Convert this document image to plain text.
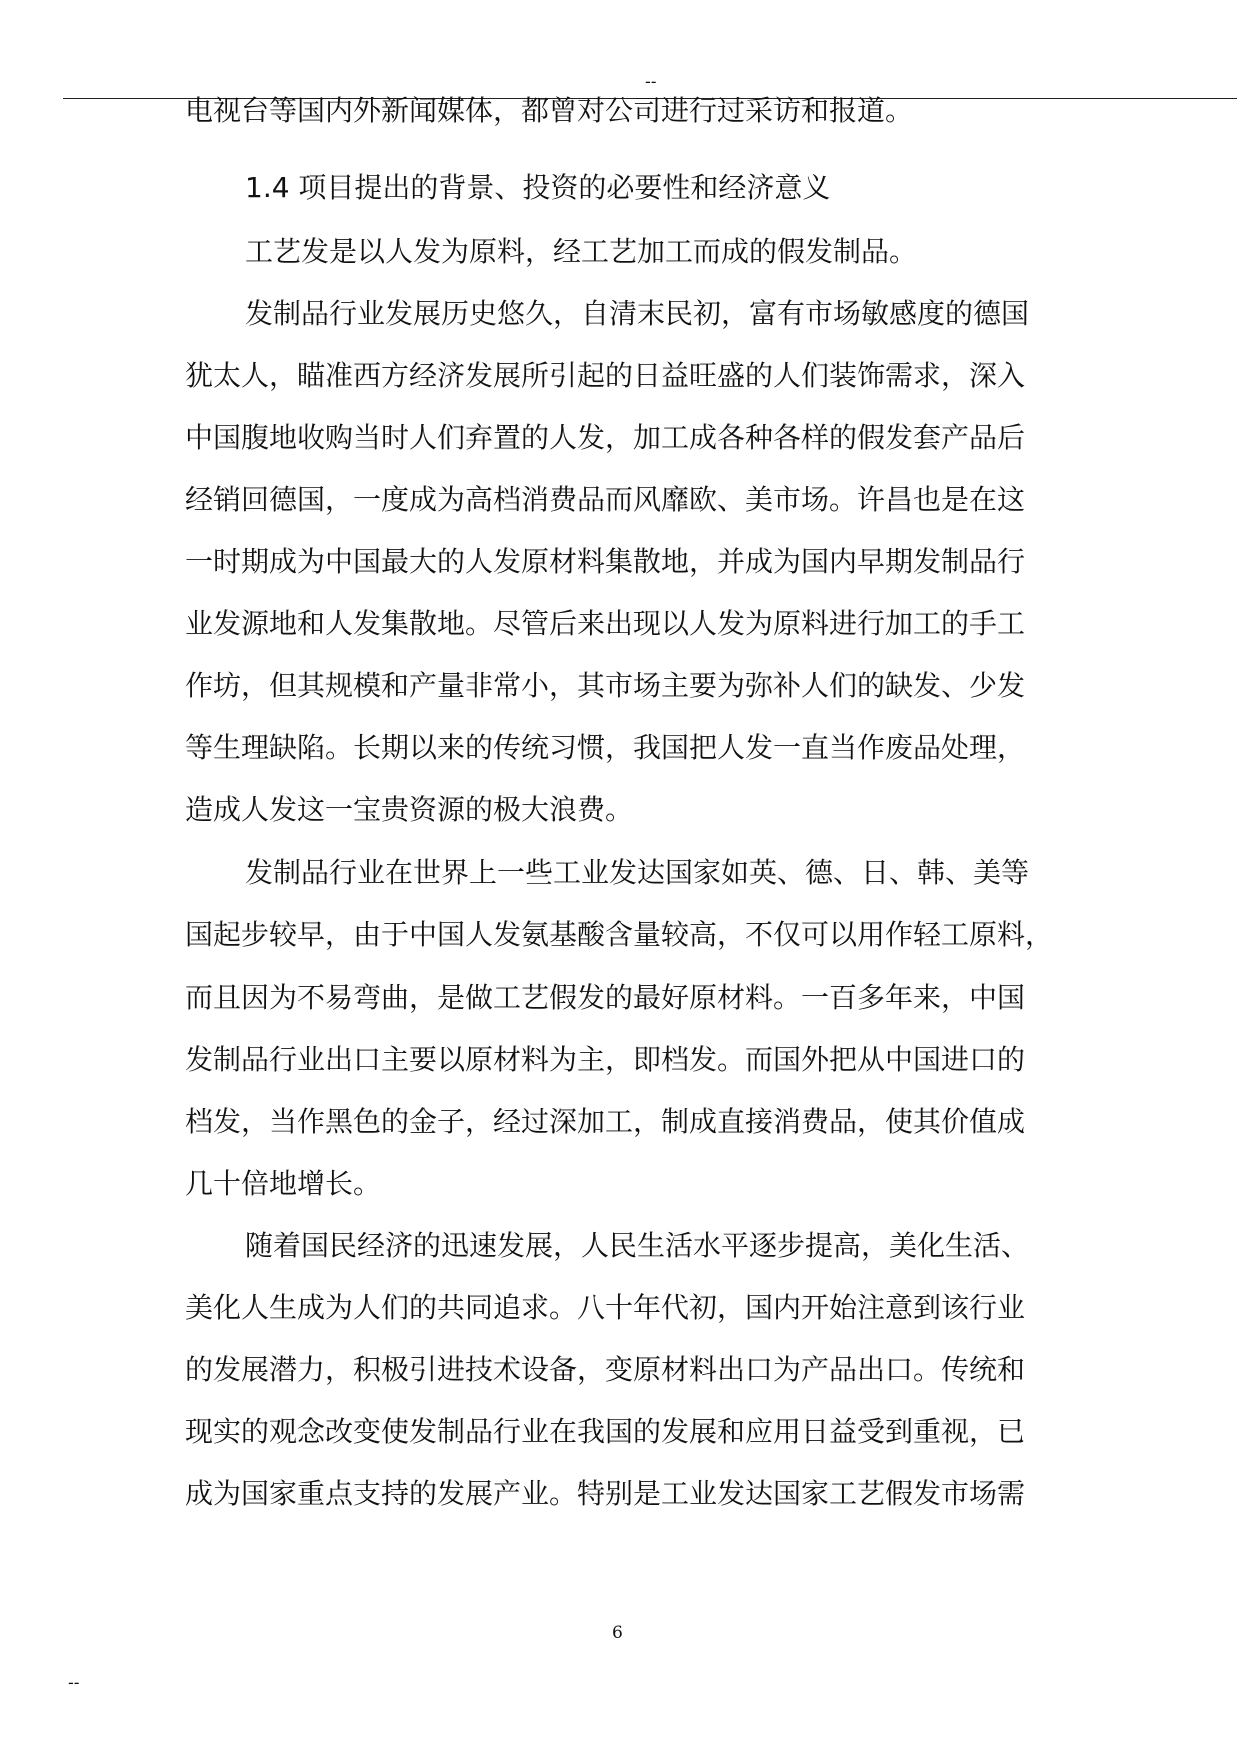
--
电视台等国内外新闻媒体，都曾对公司进行过采访和报道。
1.4 项目提出的背景、投资的必要性和经济意义
工艺发是以人发为原料，经工艺加工而成的假发制品。
发制品行业发展历史悠久，自清末民初，富有市场敏感度的德国
犹太人，瞄准西方经济发展所引起的日益旺盛的人们装饰需求，深入
中国腹地收购当时人们弃置的人发，加工成各种各样的假发套产品后
经销回德国，一度成为高档消费品而风靡欧、美市场。许昌也是在这
一时期成为中国最大的人发原材料集散地，并成为国内早期发制品行
业发源地和人发集散地。尽管后来出现以人发为原料进行加工的手工
作坊，但其规模和产量非常小，其市场主要为弥补人们的缺发、少发
等生理缺陷。长期以来的传统习惯，我国把人发一直当作废品处理，
造成人发这一宝贵资源的极大浪费。
发制品行业在世界上一些工业发达国家如英、德、日、韩、美等
国起步较早，由于中国人发氨基酸含量较高，不仅可以用作轻工原料，
而且因为不易弯曲，是做工艺假发的最好原材料。一百多年来，中国
发制品行业出口主要以原材料为主，即档发。而国外把从中国进口的
档发，当作黑色的金子，经过深加工，制成直接消费品，使其价值成
几十倍地增长。
随着国民经济的迅速发展，人民生活水平逐步提高，美化生活、
美化人生成为人们的共同追求。八十年代初，国内开始注意到该行业
的发展潜力，积极引进技术设备，变原材料出口为产品出口。传统和
现实的观念改变使发制品行业在我国的发展和应用日益受到重视，已
成为国家重点支持的发展产业。特别是工业发达国家工艺假发市场需
6
--
